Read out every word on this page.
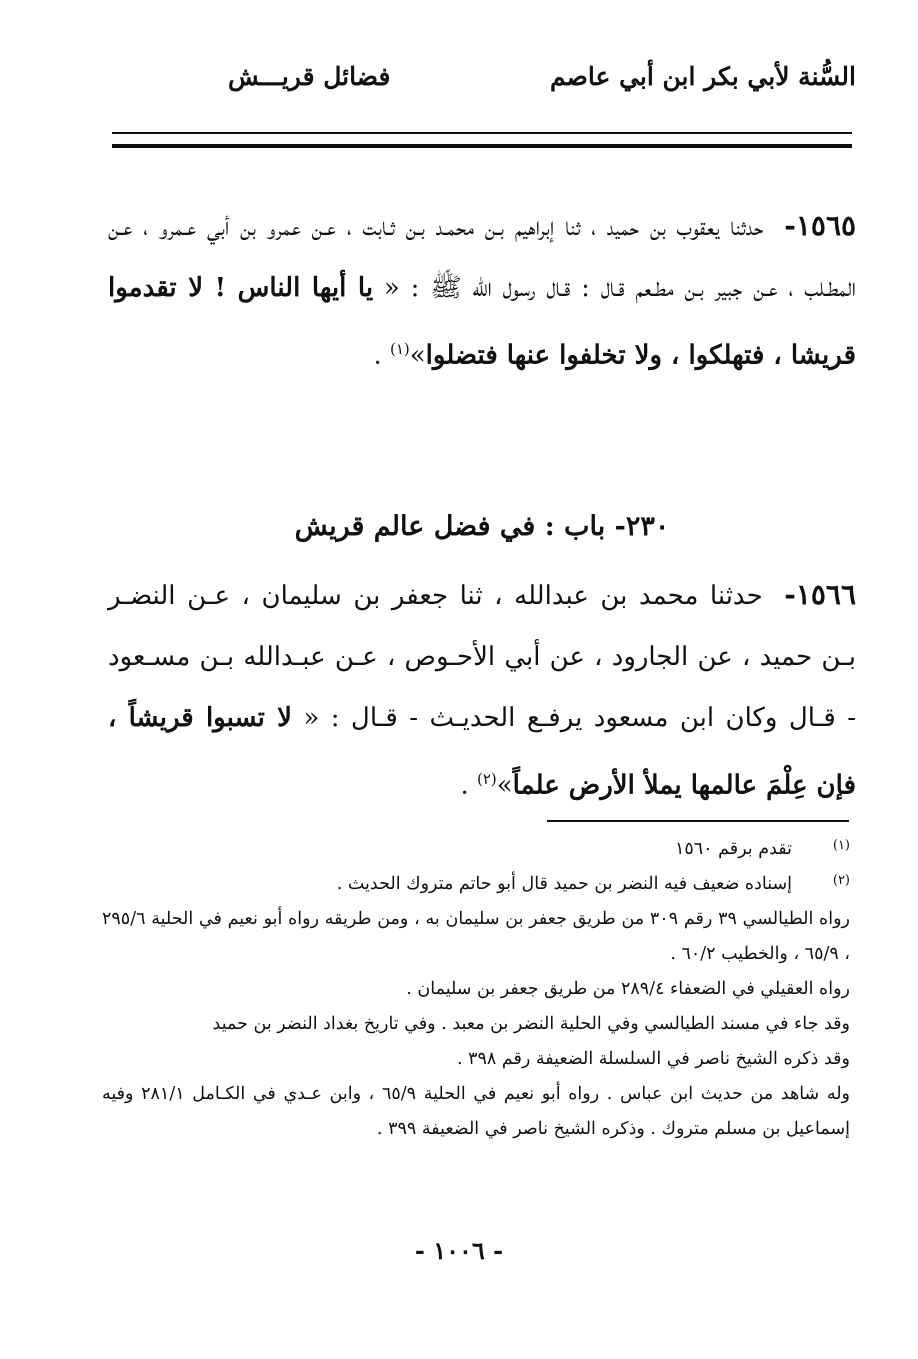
السُّنة لأبي بكر ابن أبي عاصم
فضائل قريـــش
١٥٦٥- حدثنا يعقوب بن حميد ، ثنا إبراهيم بـن محمـد بـن ثـابت ، عـن عمرو بن أبي عـمرو ، عـن المطـلب ، عـن جبير بـن مطـعم قـال : قـال رسول الله ﷺ : « يا أيها الناس ! لا تقدموا قريشا ، فتهلكوا ، ولا تخلفوا عنها فتضلوا»$^{(١)}$ .
٢٣٠- باب : في فضل عالم قريش
١٥٦٦- حدثنا محمد بن عبدالله ، ثنا جعفر بن سليمان ، عـن النضـر بـن حميد ، عن الجارود ، عن أبي الأحـوص ، عـن عبـدالله بـن مسـعود - قـال وكان ابن مسعود يرفـع الحديـث - قـال : « لا تسبوا قريشاً ، فإن عِلْمَ عالمها يملأ الأرض علماً»$^{(٢)}$ .
(١)
تقدم برقم ١٥٦٠
(٢)
إسناده ضعيف فيه النضر بن حميد قال أبو حاتم متروك الحديث .
رواه الطيالسي ٣٩ رقم ٣٠٩ من طريق جعفر بن سليمان به ، ومن طريقه رواه أبو نعيم في الحلية ٢٩٥/٦ ، ٦٥/٩ ، والخطيب ٦٠/٢ .
رواه العقيلي في الضعفاء ٢٨٩/٤ من طريق جعفر بن سليمان .
وقد جاء في مسند الطيالسي وفي الحلية النضر بن معبد . وفي تاريخ بغداد النضر بن حميد
وقد ذكره الشيخ ناصر في السلسلة الضعيفة رقم ٣٩٨ .
وله شاهد من حديث ابن عباس . رواه أبو نعيم في الحلية ٦٥/٩ ، وابن عـدي في الكـامل ٢٨١/١ وفيه إسماعيل بن مسلم متروك . وذكره الشيخ ناصر في الضعيفة ٣٩٩ .
- ١٠٠٦ -
